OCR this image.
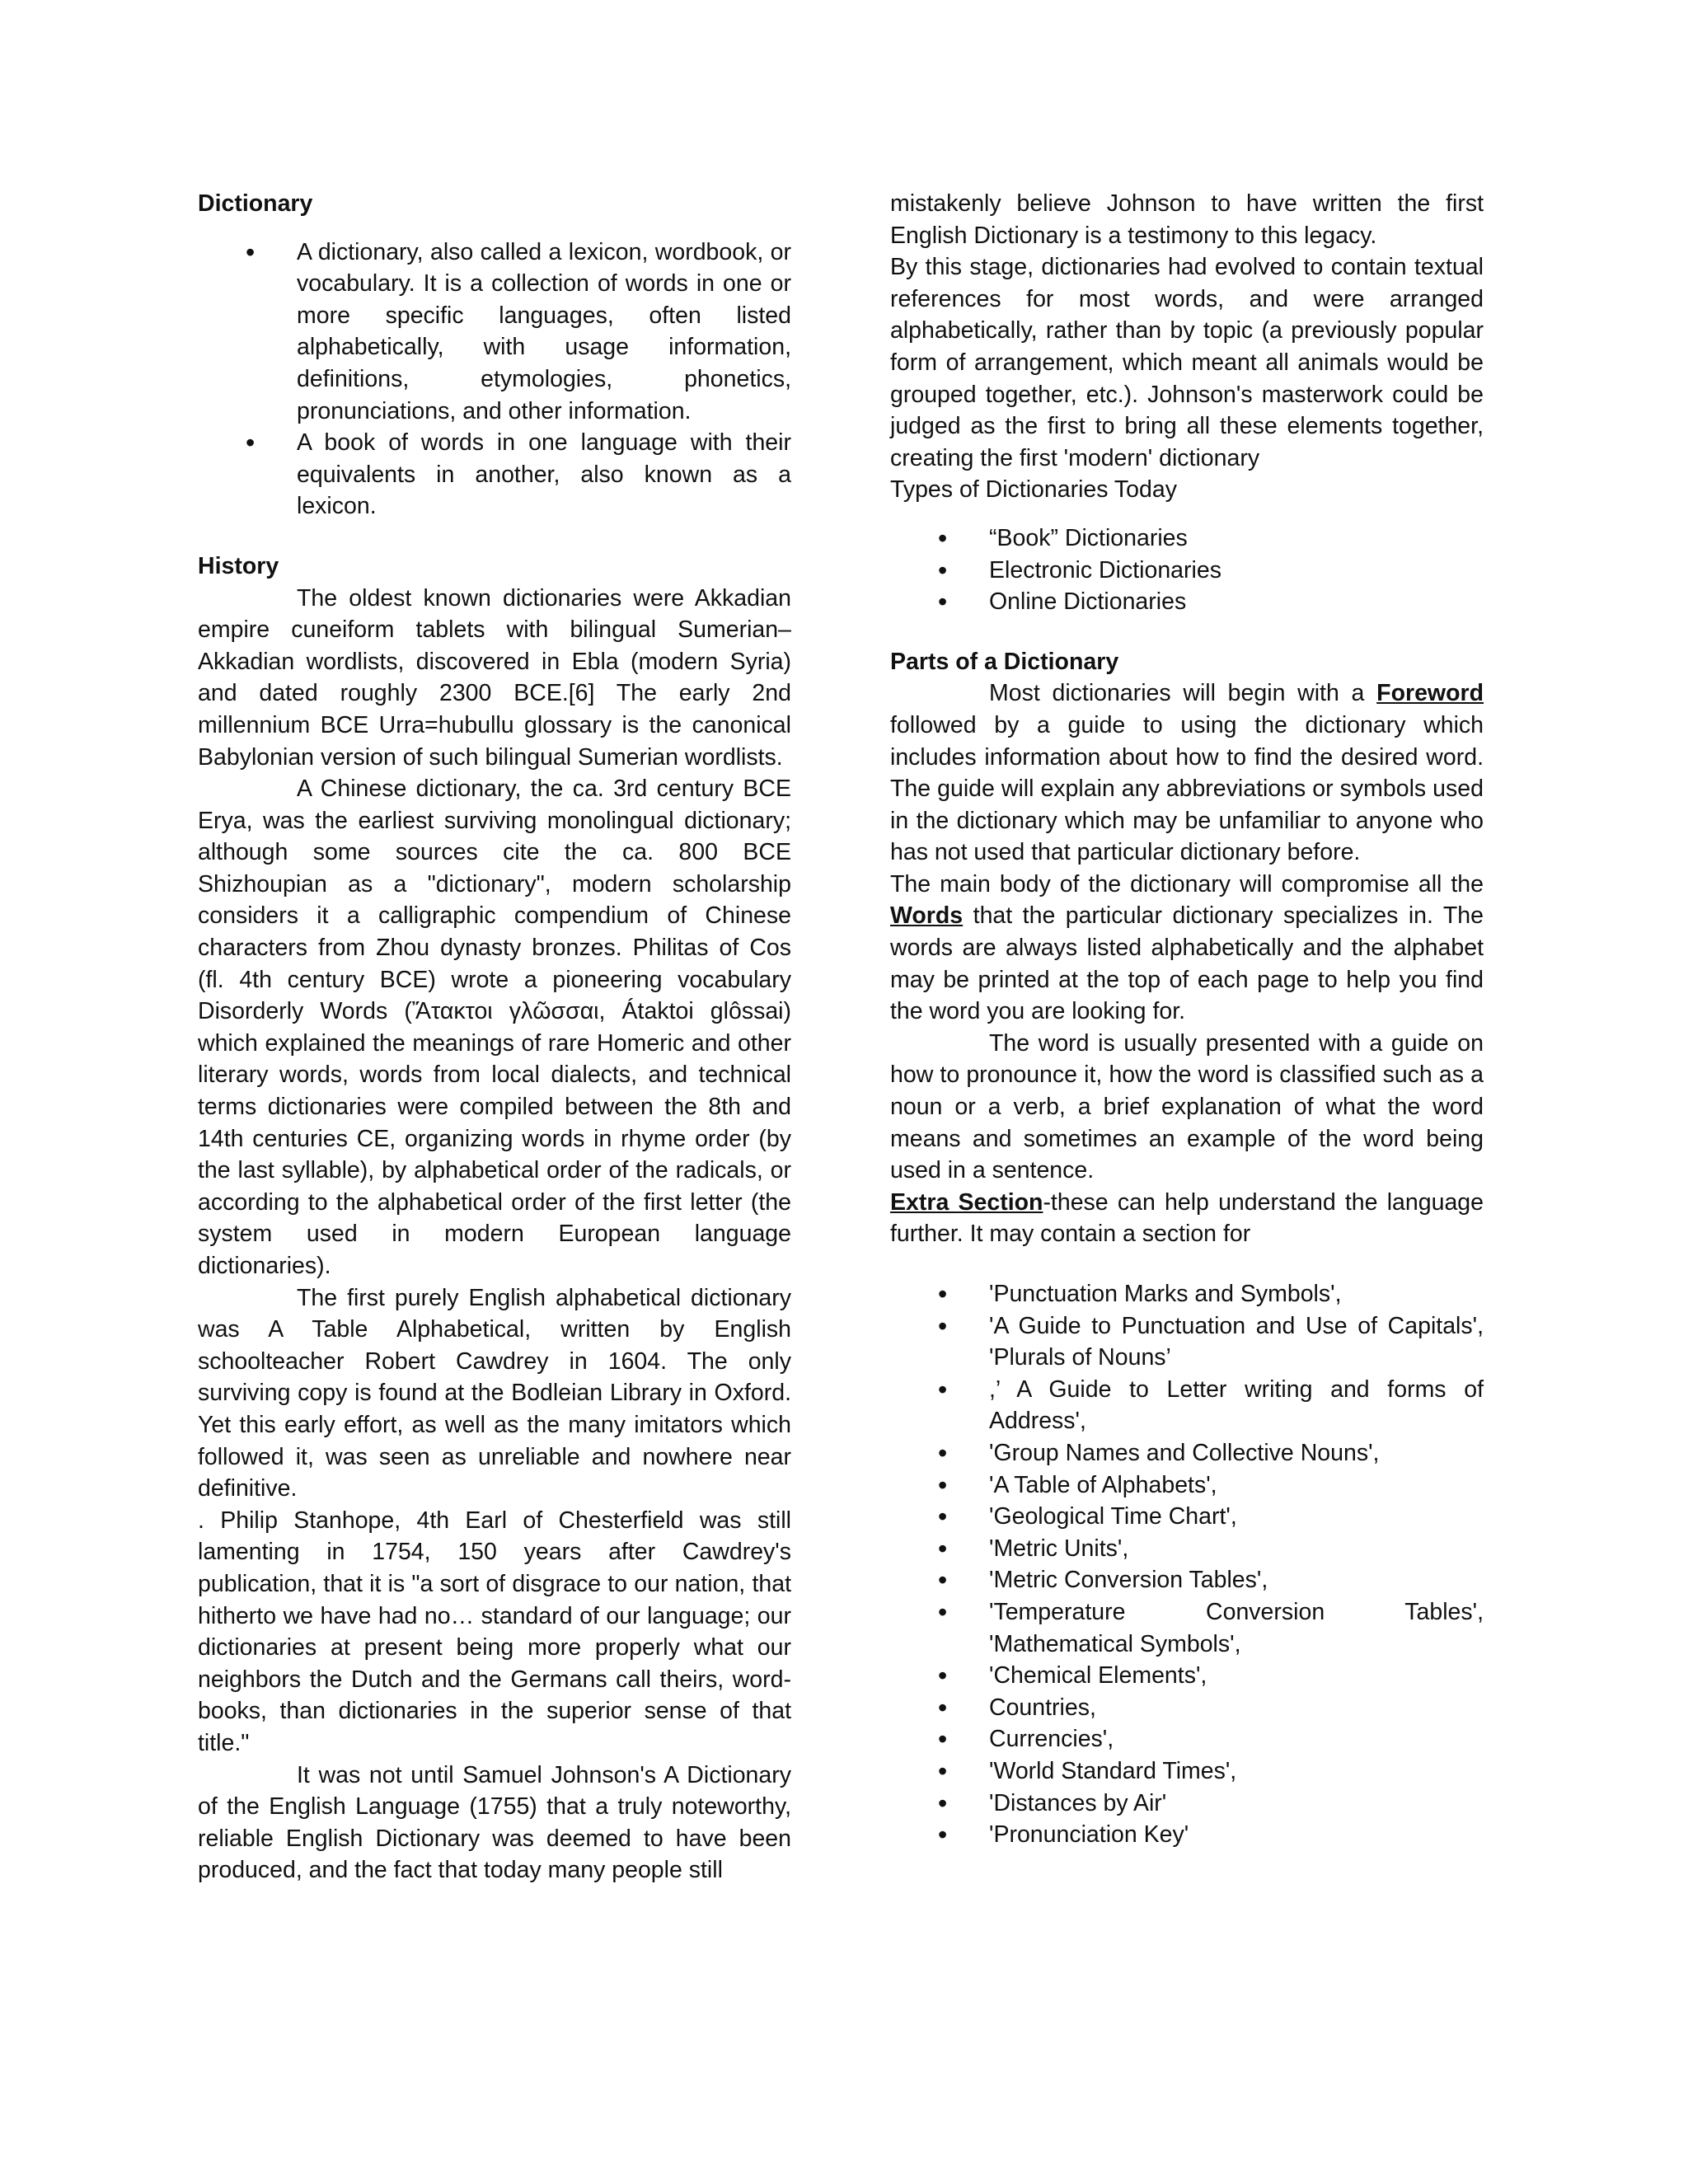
Dictionary

• A dictionary, also called a lexicon, wordbook, or vocabulary. It is a collection of words in one or more specific languages, often listed alphabetically, with usage information, definitions, etymologies, phonetics, pronunciations, and other information.
• A book of words in one language with their equivalents in another, also known as a lexicon.

History

The oldest known dictionaries were Akkadian empire cuneiform tablets with bilingual Sumerian–Akkadian wordlists, discovered in Ebla (modern Syria) and dated roughly 2300 BCE.[6] The early 2nd millennium BCE Urra=hubullu glossary is the canonical Babylonian version of such bilingual Sumerian wordlists.

A Chinese dictionary, the ca. 3rd century BCE Erya, was the earliest surviving monolingual dictionary; although some sources cite the ca. 800 BCE Shizhoupian as a "dictionary", modern scholarship considers it a calligraphic compendium of Chinese characters from Zhou dynasty bronzes. Philitas of Cos (fl. 4th century BCE) wrote a pioneering vocabulary Disorderly Words (Ἄτακτοι γλῶσσαι, Átaktoi glôssai) which explained the meanings of rare Homeric and other literary words, words from local dialects, and technical terms dictionaries were compiled between the 8th and 14th centuries CE, organizing words in rhyme order (by the last syllable), by alphabetical order of the radicals, or according to the alphabetical order of the first letter (the system used in modern European language dictionaries).

The first purely English alphabetical dictionary was A Table Alphabetical, written by English schoolteacher Robert Cawdrey in 1604. The only surviving copy is found at the Bodleian Library in Oxford. Yet this early effort, as well as the many imitators which followed it, was seen as unreliable and nowhere near definitive.

. Philip Stanhope, 4th Earl of Chesterfield was still lamenting in 1754, 150 years after Cawdrey's publication, that it is "a sort of disgrace to our nation, that hitherto we have had no… standard of our language; our dictionaries at present being more properly what our neighbors the Dutch and the Germans call theirs, word-books, than dictionaries in the superior sense of that title."

It was not until Samuel Johnson's A Dictionary of the English Language (1755) that a truly noteworthy, reliable English Dictionary was deemed to have been produced, and the fact that today many people still

mistakenly believe Johnson to have written the first English Dictionary is a testimony to this legacy.

By this stage, dictionaries had evolved to contain textual references for most words, and were arranged alphabetically, rather than by topic (a previously popular form of arrangement, which meant all animals would be grouped together, etc.). Johnson's masterwork could be judged as the first to bring all these elements together, creating the first 'modern' dictionary

Types of Dictionaries Today

• “Book” Dictionaries
• Electronic Dictionaries
• Online Dictionaries

Parts of a Dictionary

Most dictionaries will begin with a Foreword followed by a guide to using the dictionary which includes information about how to find the desired word. The guide will explain any abbreviations or symbols used in the dictionary which may be unfamiliar to anyone who has not used that particular dictionary before.

The main body of the dictionary will compromise all the Words that the particular dictionary specializes in. The words are always listed alphabetically and the alphabet may be printed at the top of each page to help you find the word you are looking for.

The word is usually presented with a guide on how to pronounce it, how the word is classified such as a noun or a verb, a brief explanation of what the word means and sometimes an example of the word being used in a sentence.

Extra Section-these can help understand the language further. It may contain a section for

• 'Punctuation Marks and Symbols',
• 'A Guide to Punctuation and Use of Capitals', 'Plurals of Nouns’
• ,’ A Guide to Letter writing and forms of Address',
• 'Group Names and Collective Nouns',
• 'A Table of Alphabets',
• 'Geological Time Chart',
• 'Metric Units',
• 'Metric Conversion Tables',
• 'Temperature Conversion Tables', 'Mathematical Symbols',
• 'Chemical Elements',
• Countries,
• Currencies',
• 'World Standard Times',
• 'Distances by Air'
• 'Pronunciation Key'
